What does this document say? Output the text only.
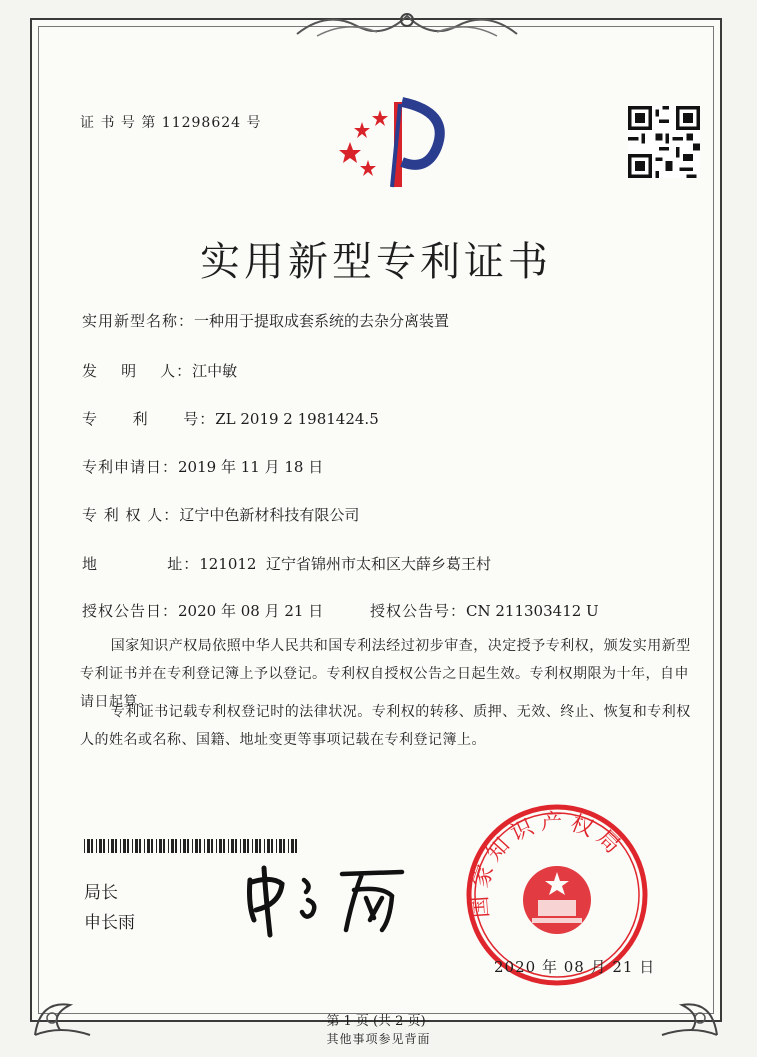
证 书 号 第 11298624 号
实用新型专利证书
实用新型名称：一种用于提取成套系统的去杂分离装置
发    明    人：江中敏
专      利      号：ZL 2019 2 1981424.5
专利申请日：2019 年 11 月 18 日
专 利 权 人：辽宁中色新材科技有限公司
地            址：121012  辽宁省锦州市太和区大薛乡葛王村
授权公告日：2020 年 08 月 21 日	授权公告号：CN 211303412 U
国家知识产权局依照中华人民共和国专利法经过初步审查，决定授予专利权，颁发实用新型专利证书并在专利登记簿上予以登记。专利权自授权公告之日起生效。专利权期限为十年，自申请日起算。
专利证书记载专利权登记时的法律状况。专利权的转移、质押、无效、终止、恢复和专利权人的姓名或名称、国籍、地址变更等事项记载在专利登记簿上。
局长
申长雨
国家知识产权局
2020 年 08 月 21 日
第 1 页 (共 2 页)
其他事项参见背面
